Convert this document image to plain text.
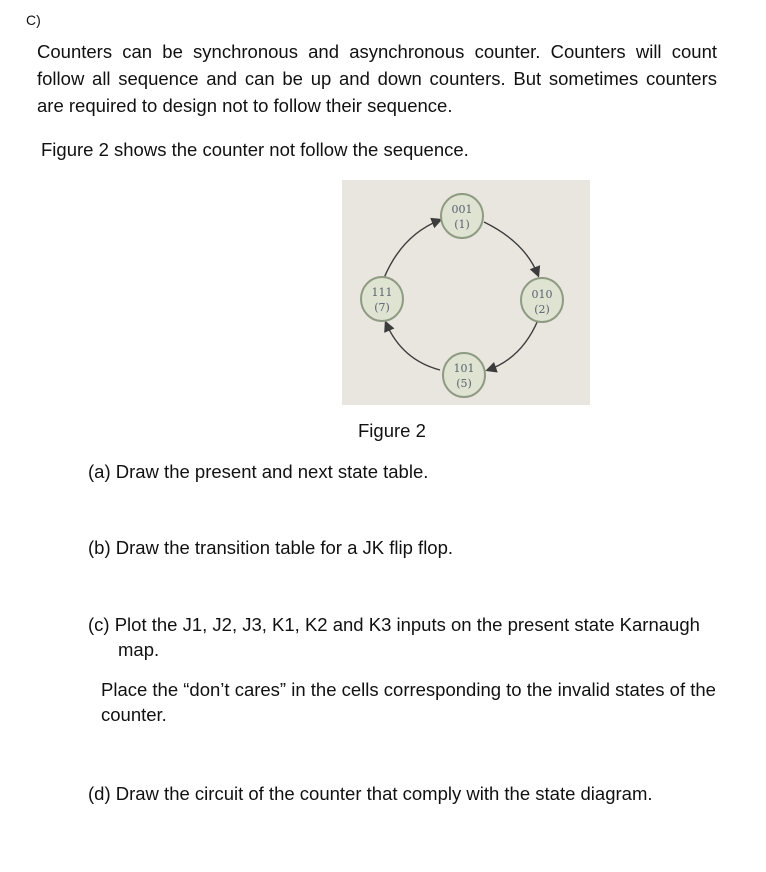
C)

Counters can be synchronous and asynchronous counter. Counters will count follow all sequence and can be up and down counters. But sometimes counters are required to design not to follow their sequence.

Figure 2 shows the counter not follow the sequence.

001
(1)
010
(2)
101
(5)
111
(7)
Figure 2
(a) Draw the present and next state table.
(b) Draw the transition table for a JK flip flop.
(c) Plot the J1, J2, J3, K1, K2 and K3 inputs on the present state Karnaugh
map.

Place the “don’t cares” in the cells corresponding to the invalid states of the counter.

(d) Draw the circuit of the counter that comply with the state diagram.
